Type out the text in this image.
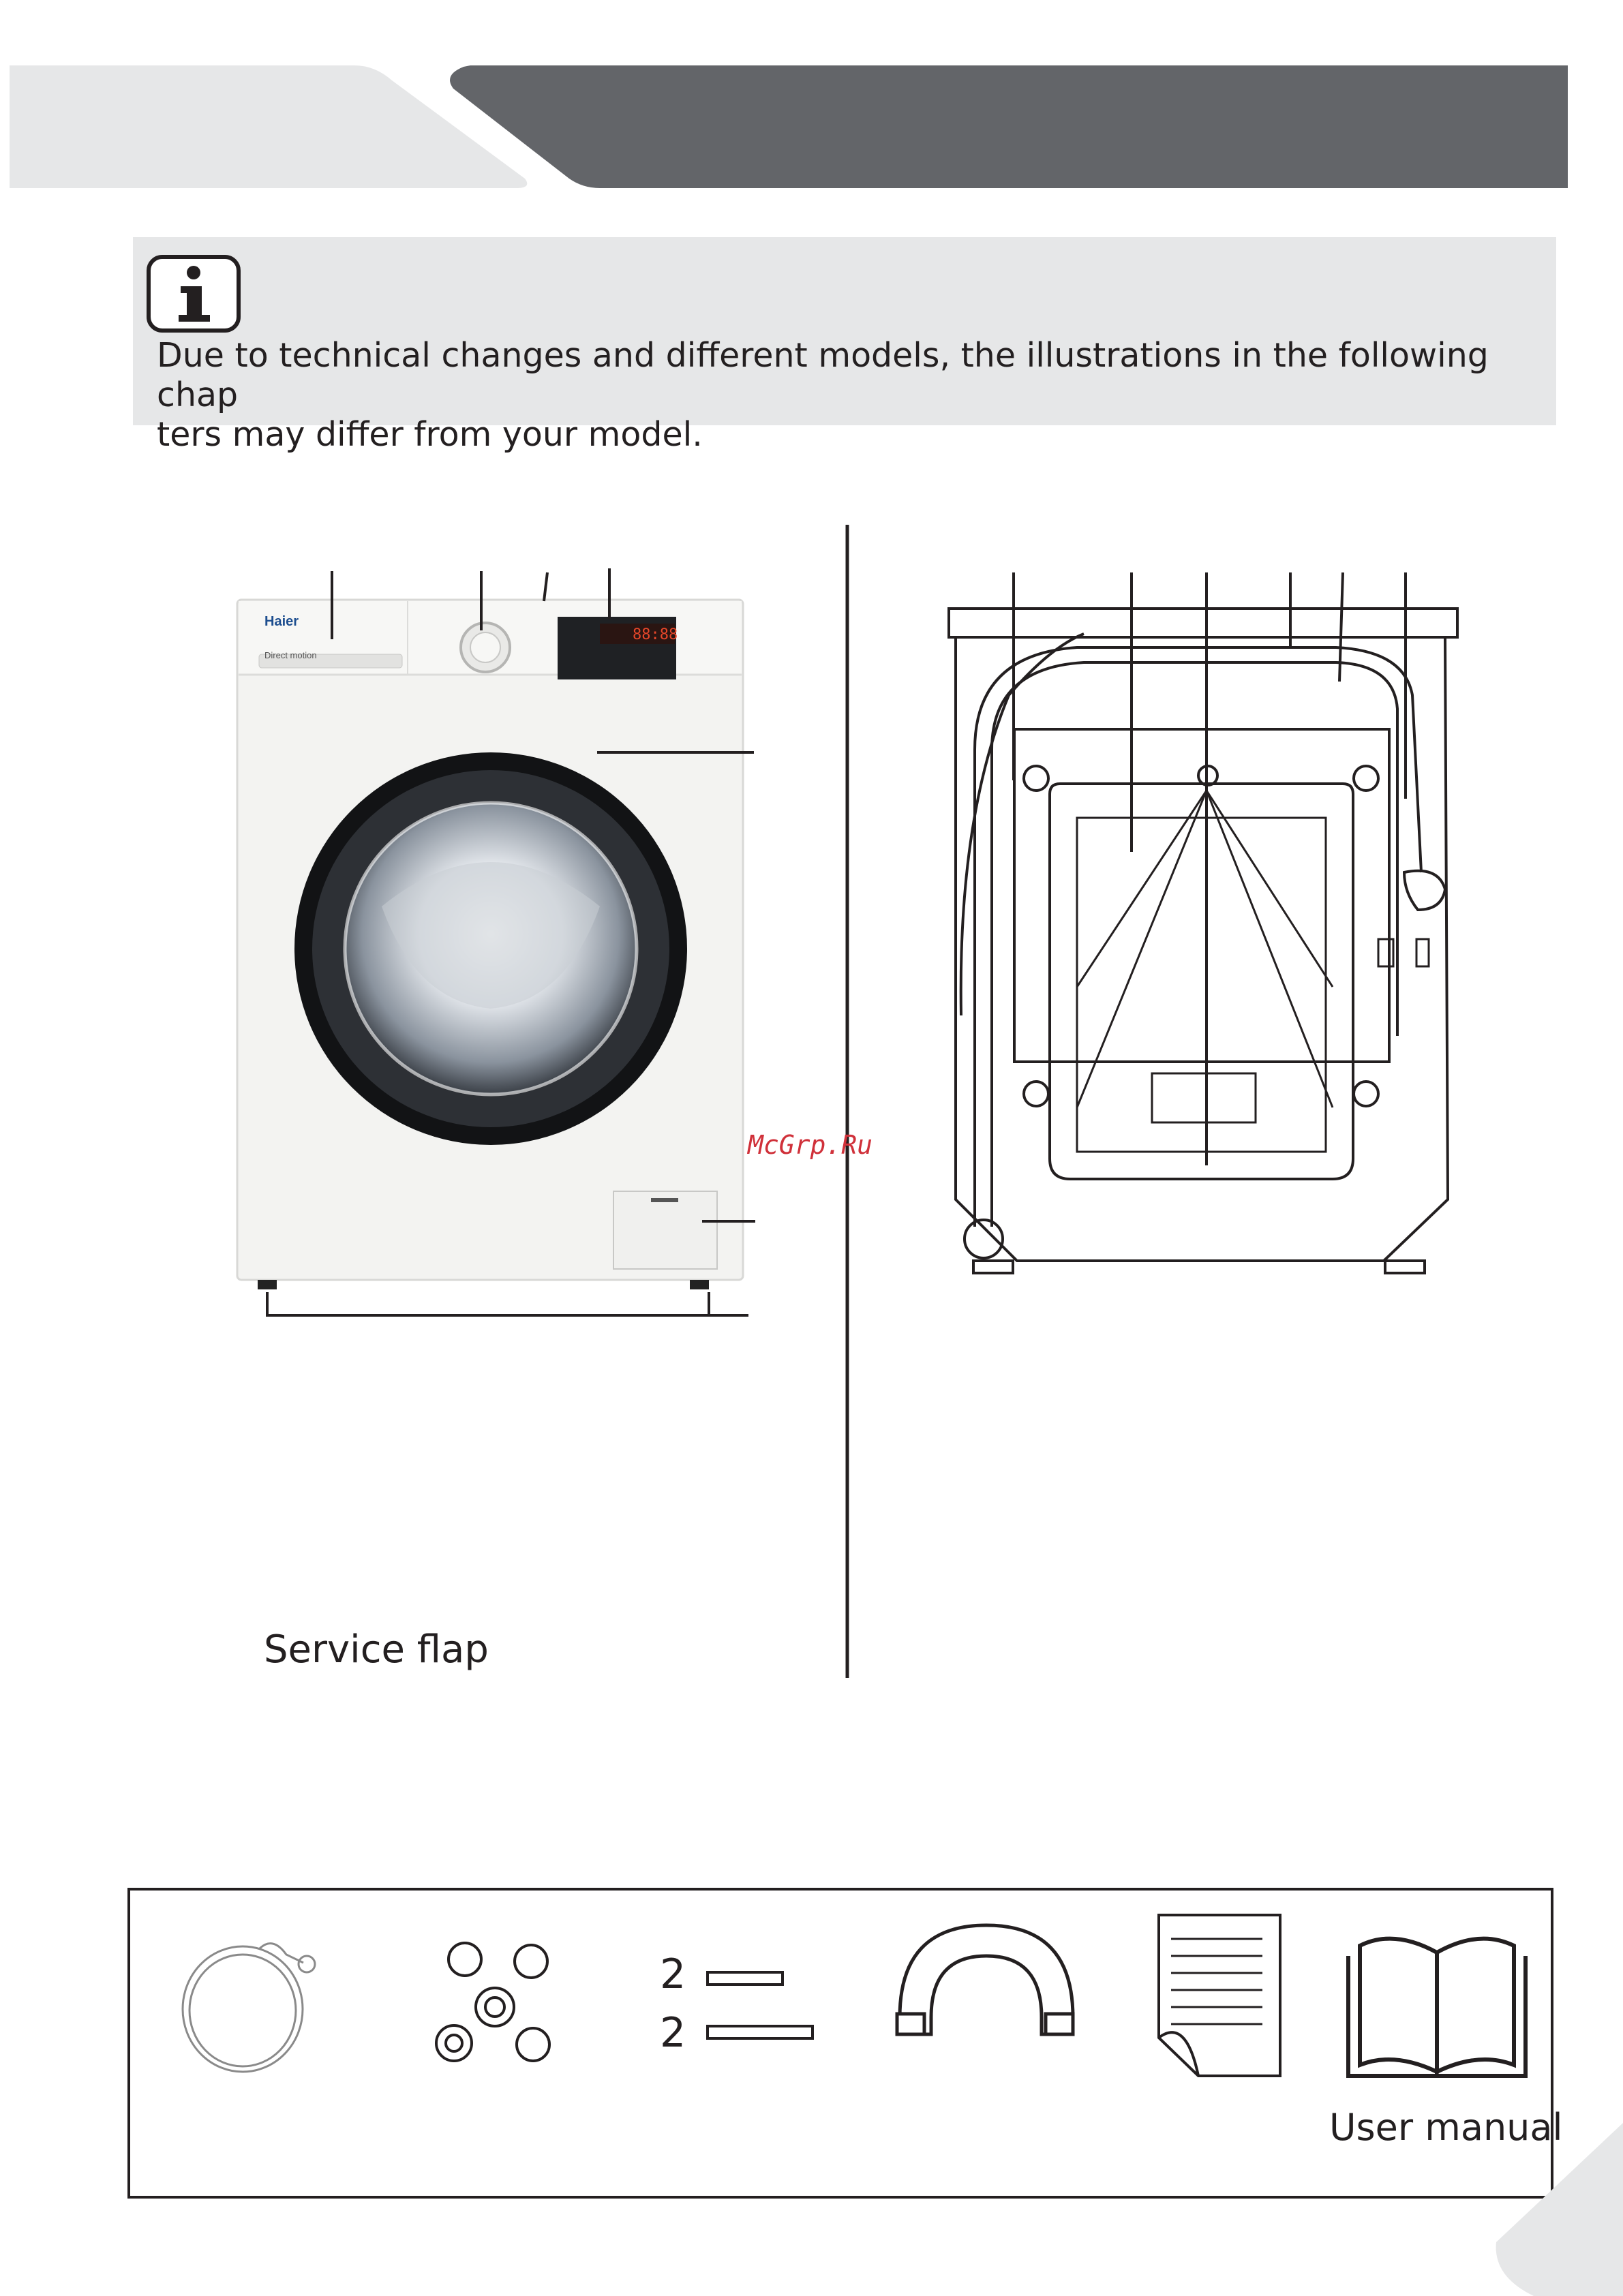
Due to technical changes and different models, the illustrations in the following chap
ters may differ from your model.
88:88
Haier
Direct motion
Service flap
McGrp.Ru
2
2
User manual
